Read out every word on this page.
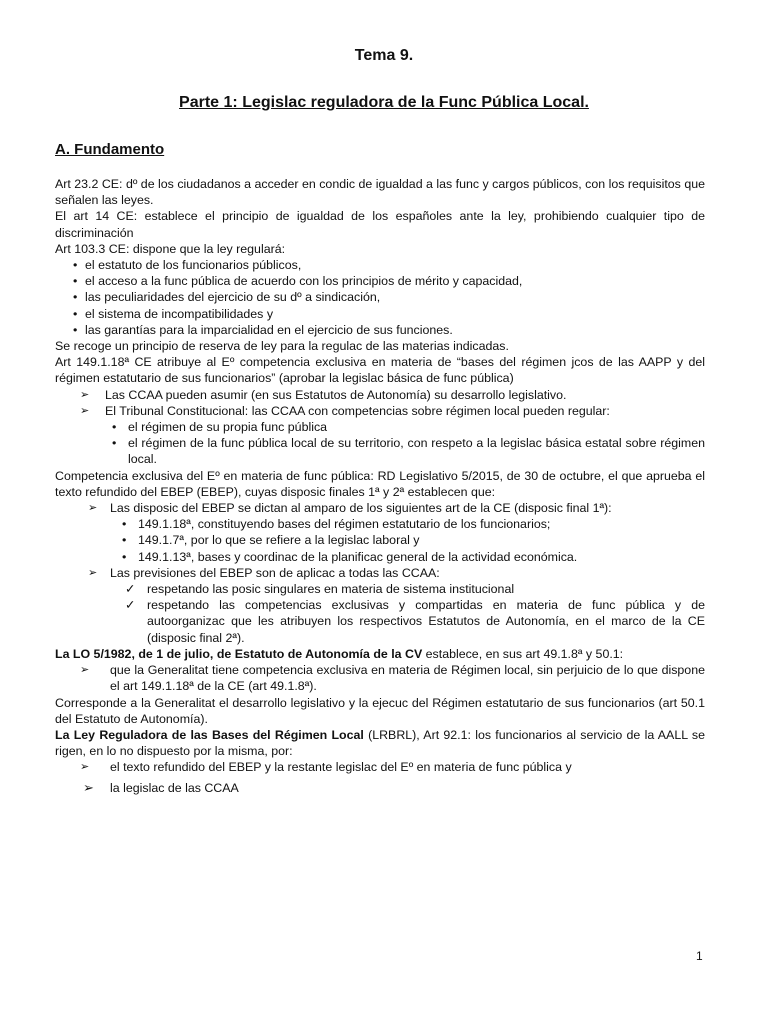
Tema 9.
Parte 1: Legislac reguladora de la Func Pública Local.
A. Fundamento

Art 23.2 CE: dº de los ciudadanos a acceder en condic de igualdad a las func y cargos públicos, con los requisitos que señalen las leyes.

El art 14 CE: establece el principio de igualdad de los españoles ante la ley, prohibiendo cualquier tipo de discriminación

Art 103.3 CE: dispone que la ley regulará:

• el estatuto de los funcionarios públicos,
• el acceso a la func pública de acuerdo con los principios de mérito y capacidad,
• las peculiaridades del ejercicio de su dº a sindicación,
• el sistema de incompatibilidades y
• las garantías para la imparcialidad en el ejercicio de sus funciones.

Se recoge un principio de reserva de ley para la regulac de las materias indicadas.

Art 149.1.18ª CE atribuye al Eº competencia exclusiva en materia de “bases del régimen jcos de las AAPP y del régimen estatutario de sus funcionarios” (aprobar la legislac básica de func pública)

➢ Las CCAA pueden asumir (en sus Estatutos de Autonomía) su desarrollo legislativo.
➢ El Tribunal Constitucional: las CCAA con competencias sobre régimen local pueden regular:
• el régimen de su propia func pública
• el régimen de la func pública local de su territorio, con respeto a la legislac básica estatal sobre régimen local.

Competencia exclusiva del Eº en materia de func pública: RD Legislativo 5/2015, de 30 de octubre, el que aprueba el texto refundido del EBEP (EBEP), cuyas disposic finales 1ª y 2ª establecen que:

➢ Las disposic del EBEP se dictan al amparo de los siguientes art de la CE (disposic final 1ª):
• 149.1.18ª, constituyendo bases del régimen estatutario de los funcionarios;
• 149.1.7ª, por lo que se refiere a la legislac laboral y
• 149.1.13ª, bases y coordinac de la planificac general de la actividad económica.
➢ Las previsiones del EBEP son de aplicac a todas las CCAA:
✓ respetando las posic singulares en materia de sistema institucional
✓ respetando las competencias exclusivas y compartidas en materia de func pública y de autoorganizac que les atribuyen los respectivos Estatutos de Autonomía, en el marco de la CE (disposic final 2ª).

La LO 5/1982, de 1 de julio, de Estatuto de Autonomía de la CV establece, en sus art 49.1.8ª y 50.1:

➢ que la Generalitat tiene competencia exclusiva en materia de Régimen local, sin perjuicio de lo que dispone el art 149.1.18ª de la CE (art 49.1.8ª).

Corresponde a la Generalitat el desarrollo legislativo y la ejecuc del Régimen estatutario de sus funcionarios (art 50.1 del Estatuto de Autonomía).

La Ley Reguladora de las Bases del Régimen Local (LRBRL), Art 92.1: los funcionarios al servicio de la AALL se rigen, en lo no dispuesto por la misma, por:

➢ el texto refundido del EBEP y la restante legislac del Eº en materia de func pública y
➢ la legislac de las CCAA
1
